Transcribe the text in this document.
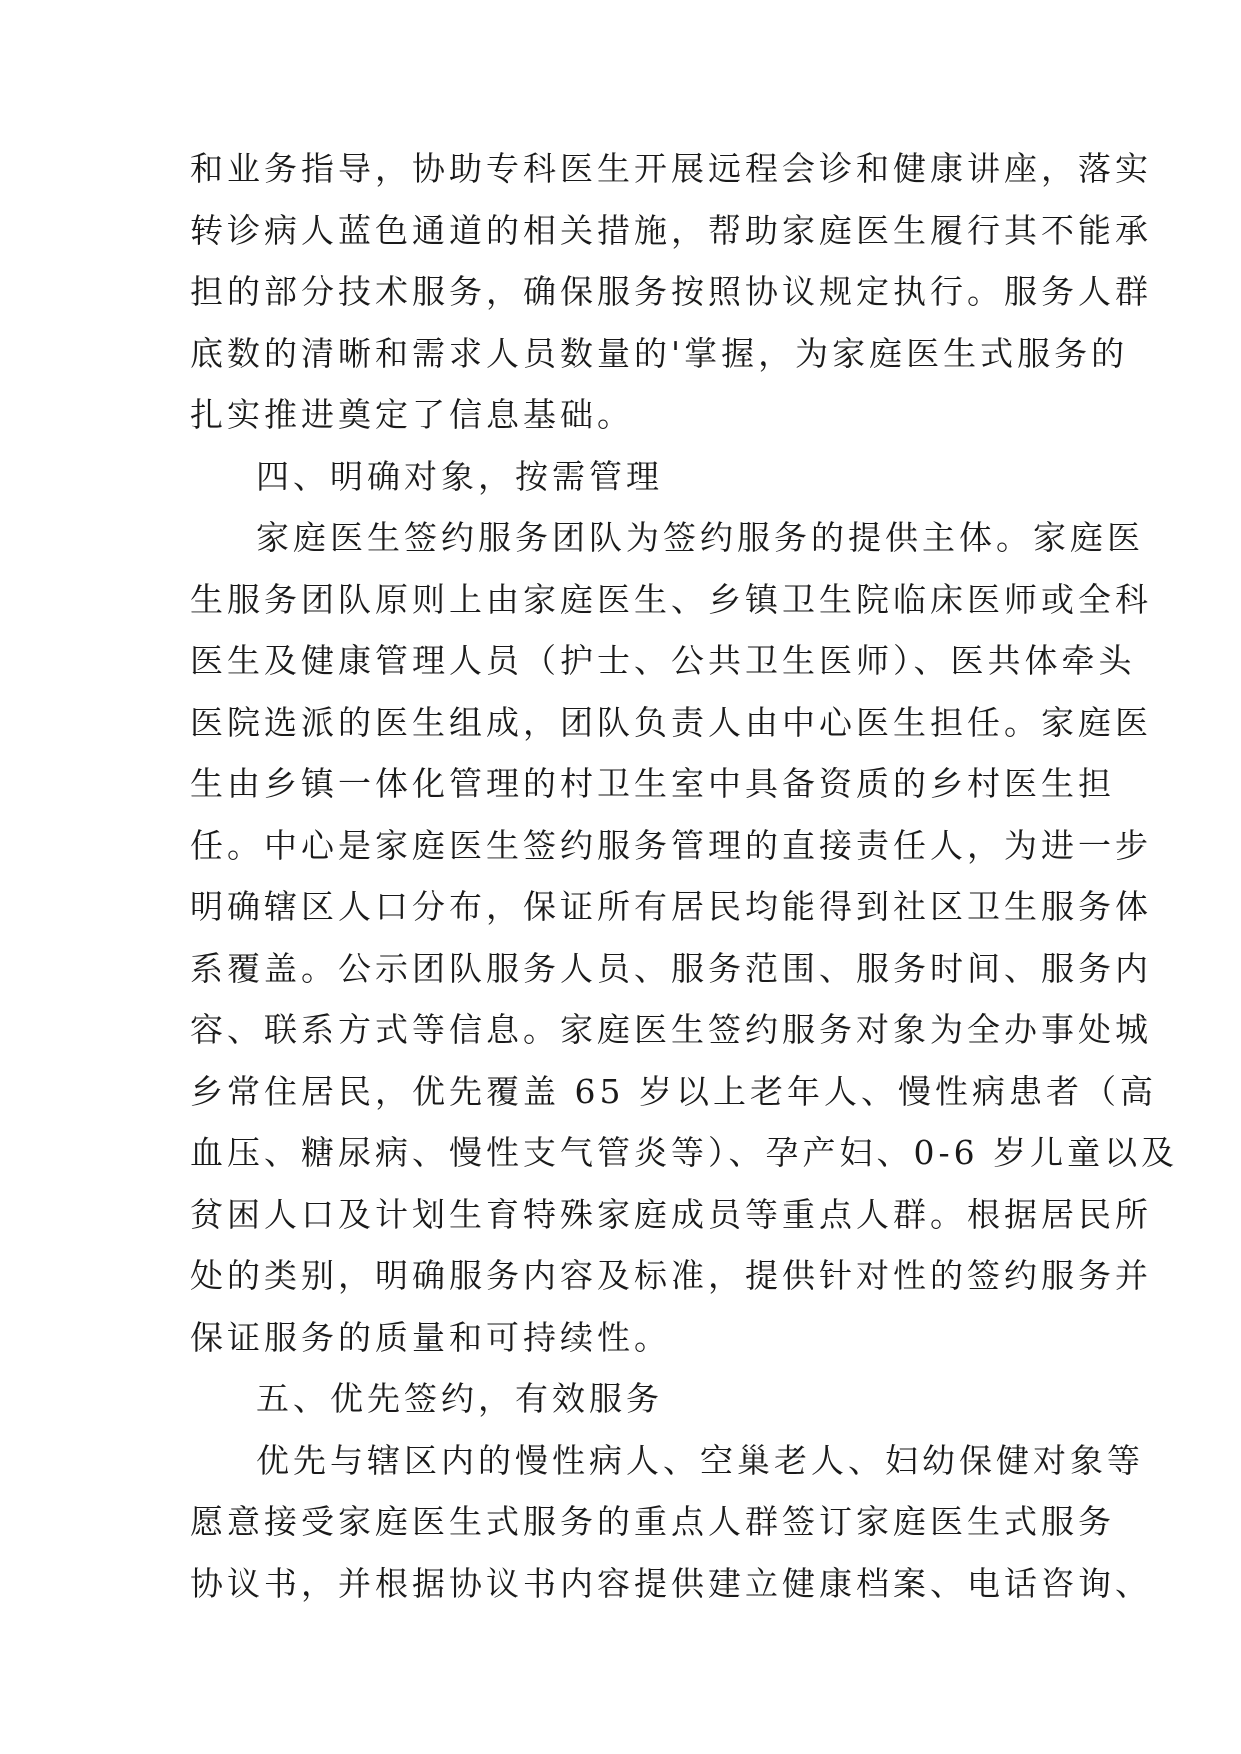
和业务指导，协助专科医生开展远程会诊和健康讲座，落实
转诊病人蓝色通道的相关措施，帮助家庭医生履行其不能承
担的部分技术服务，确保服务按照协议规定执行。服务人群
底数的清晰和需求人员数量的'掌握，为家庭医生式服务的
扎实推进奠定了信息基础。
四、明确对象，按需管理
家庭医生签约服务团队为签约服务的提供主体。家庭医
生服务团队原则上由家庭医生、乡镇卫生院临床医师或全科
医生及健康管理人员（护士、公共卫生医师）、医共体牵头
医院选派的医生组成，团队负责人由中心医生担任。家庭医
生由乡镇一体化管理的村卫生室中具备资质的乡村医生担
任。中心是家庭医生签约服务管理的直接责任人，为进一步
明确辖区人口分布，保证所有居民均能得到社区卫生服务体
系覆盖。公示团队服务人员、服务范围、服务时间、服务内
容、联系方式等信息。家庭医生签约服务对象为全办事处城
乡常住居民，优先覆盖 65 岁以上老年人、慢性病患者（高
血压、糖尿病、慢性支气管炎等）、孕产妇、0-6 岁儿童以及
贫困人口及计划生育特殊家庭成员等重点人群。根据居民所
处的类别，明确服务内容及标准，提供针对性的签约服务并
保证服务的质量和可持续性。
五、优先签约，有效服务
优先与辖区内的慢性病人、空巢老人、妇幼保健对象等
愿意接受家庭医生式服务的重点人群签订家庭医生式服务
协议书，并根据协议书内容提供建立健康档案、电话咨询、
